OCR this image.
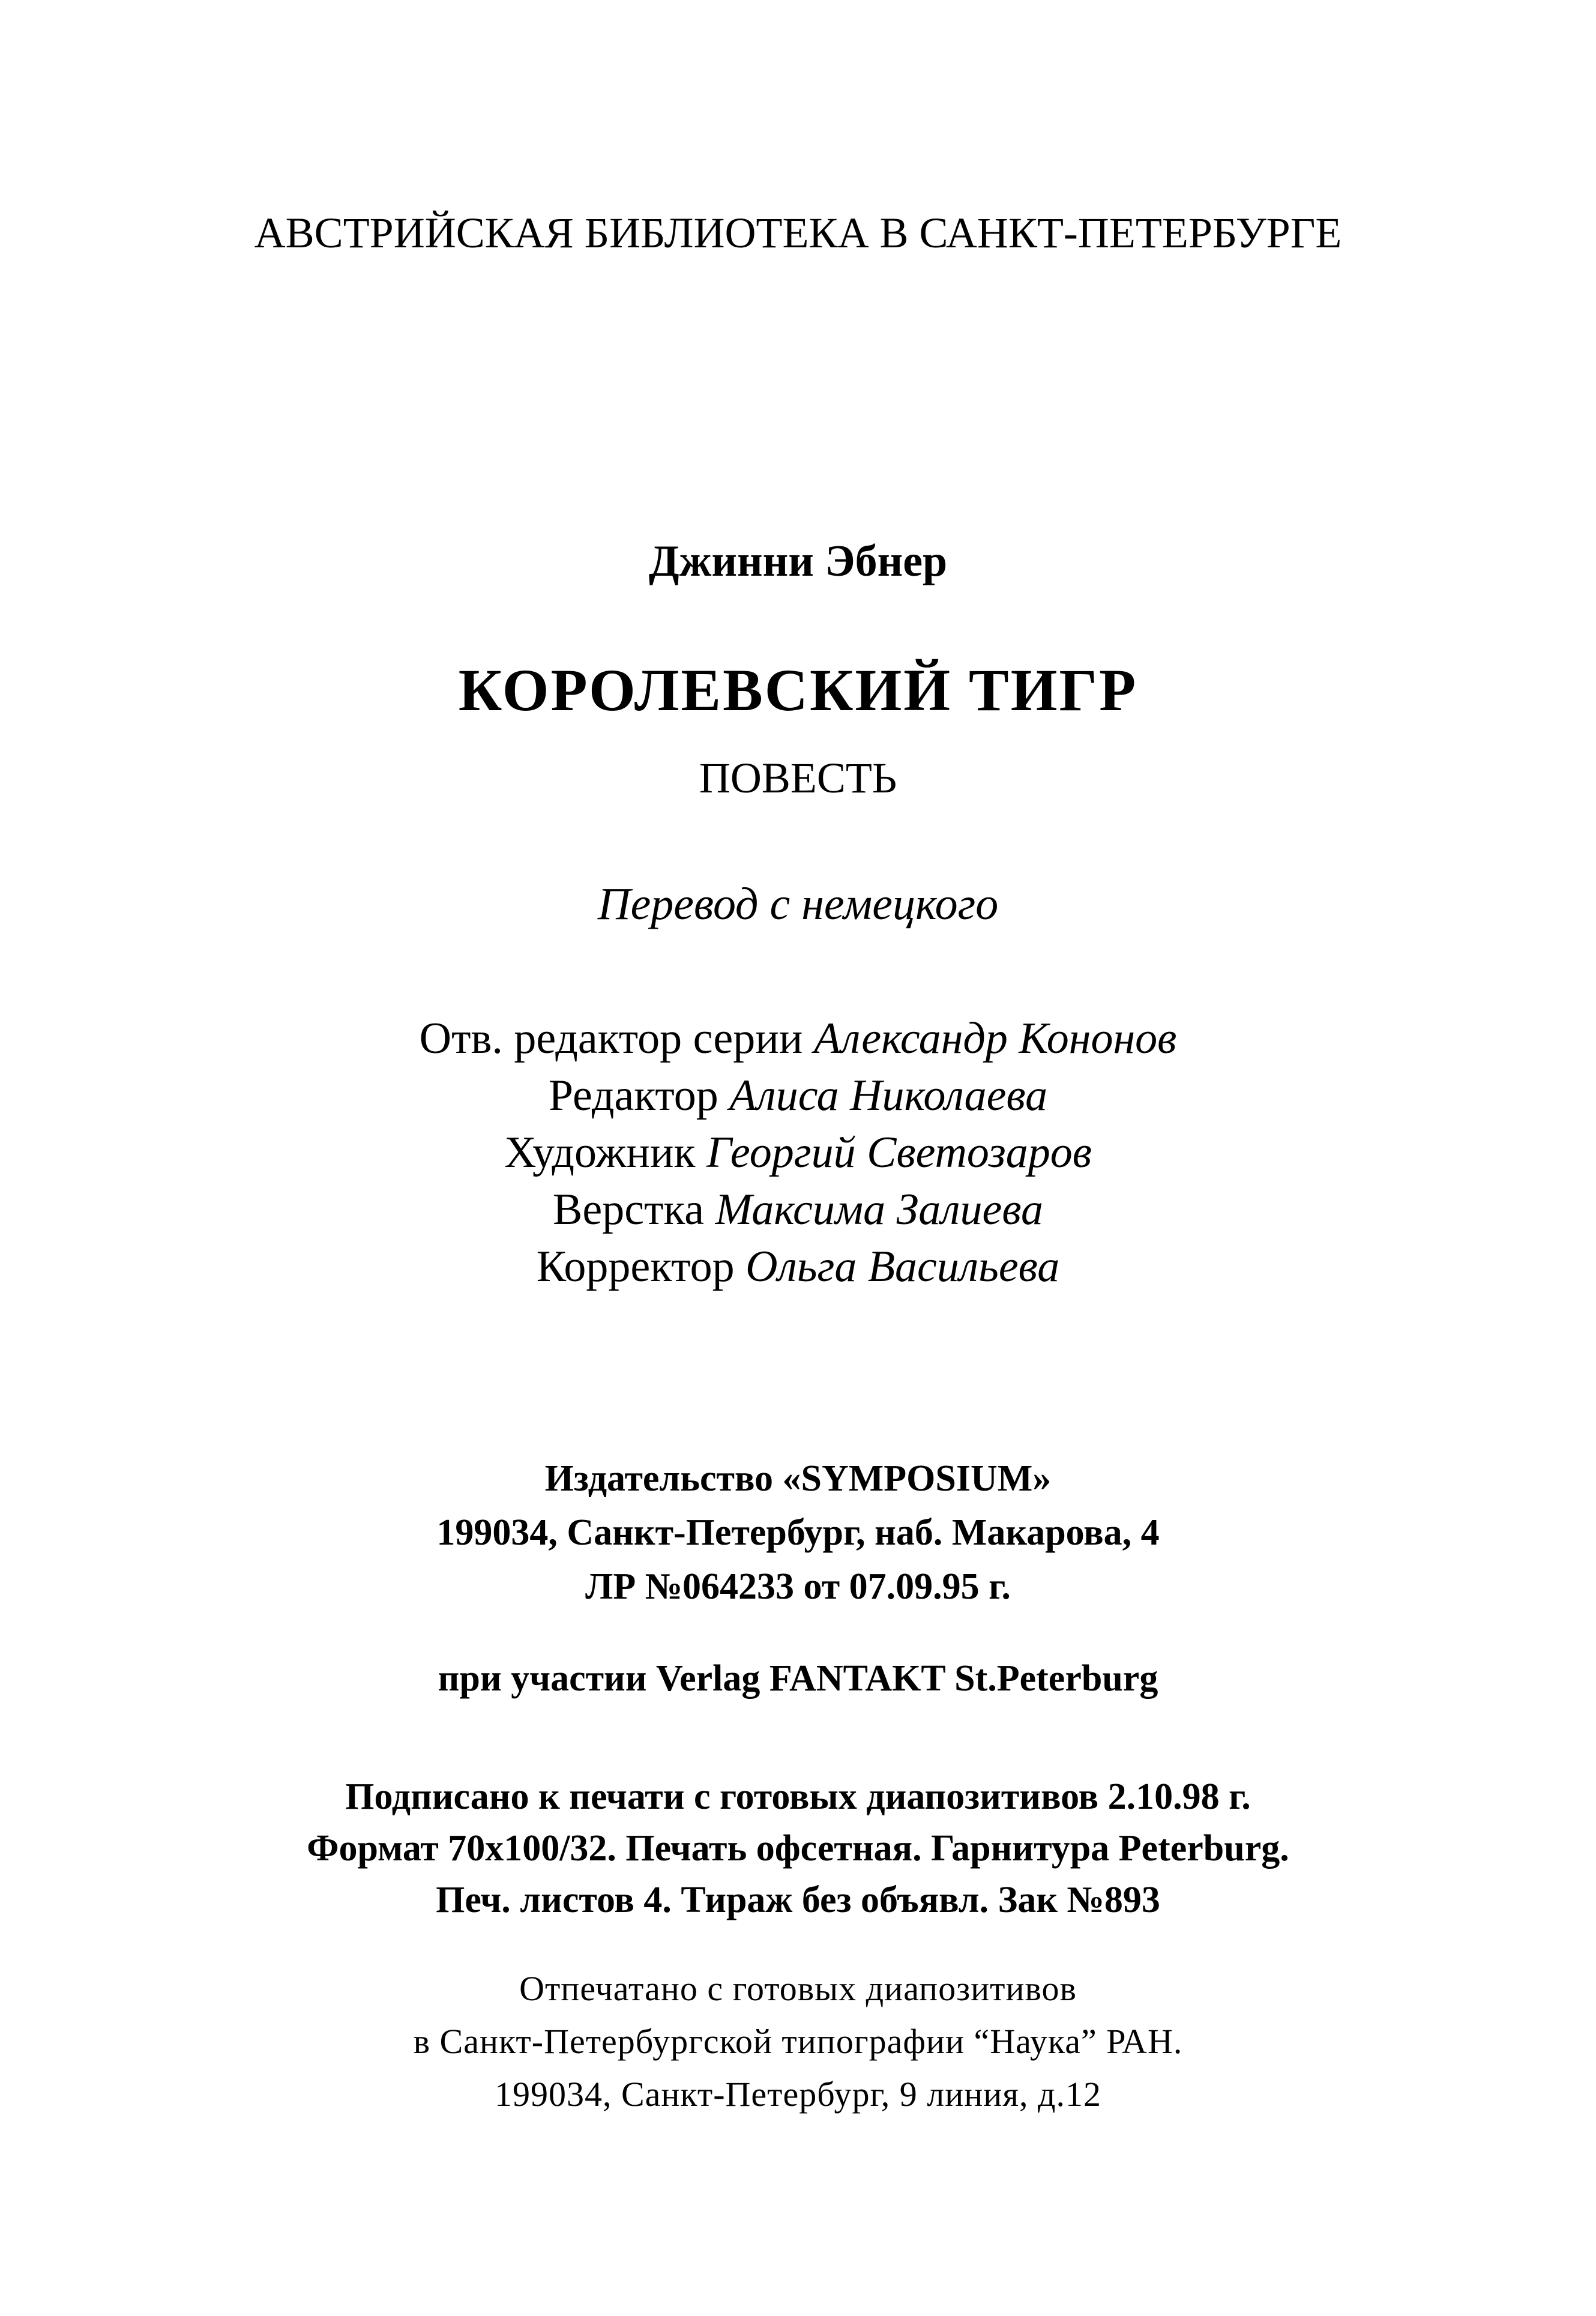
АВСТРИЙСКАЯ БИБЛИОТЕКА В САНКТ-ПЕТЕРБУРГЕ
Джинни Эбнер
КОРОЛЕВСКИЙ ТИГР
ПОВЕСТЬ
Перевод с немецкого
Отв. редактор серии Александр Кононов
Редактор Алиса Николаева
Художник Георгий Светозаров
Верстка Максима Залиева
Корректор Ольга Васильева
Издательство «SYMPOSIUM»
199034, Санкт-Петербург, наб. Макарова, 4
ЛР №064233 от 07.09.95 г.
при участии Verlag FANTAKT St.Peterburg
Подписано к печати с готовых диапозитивов 2.10.98 г.
Формат 70х100/32. Печать офсетная. Гарнитура Peterburg.
Печ. листов 4. Тираж без объявл. Зак №893
Отпечатано с готовых диапозитивов
в Санкт-Петербургской типографии “Наука” РАН.
199034, Санкт-Петербург, 9 линия, д.12
